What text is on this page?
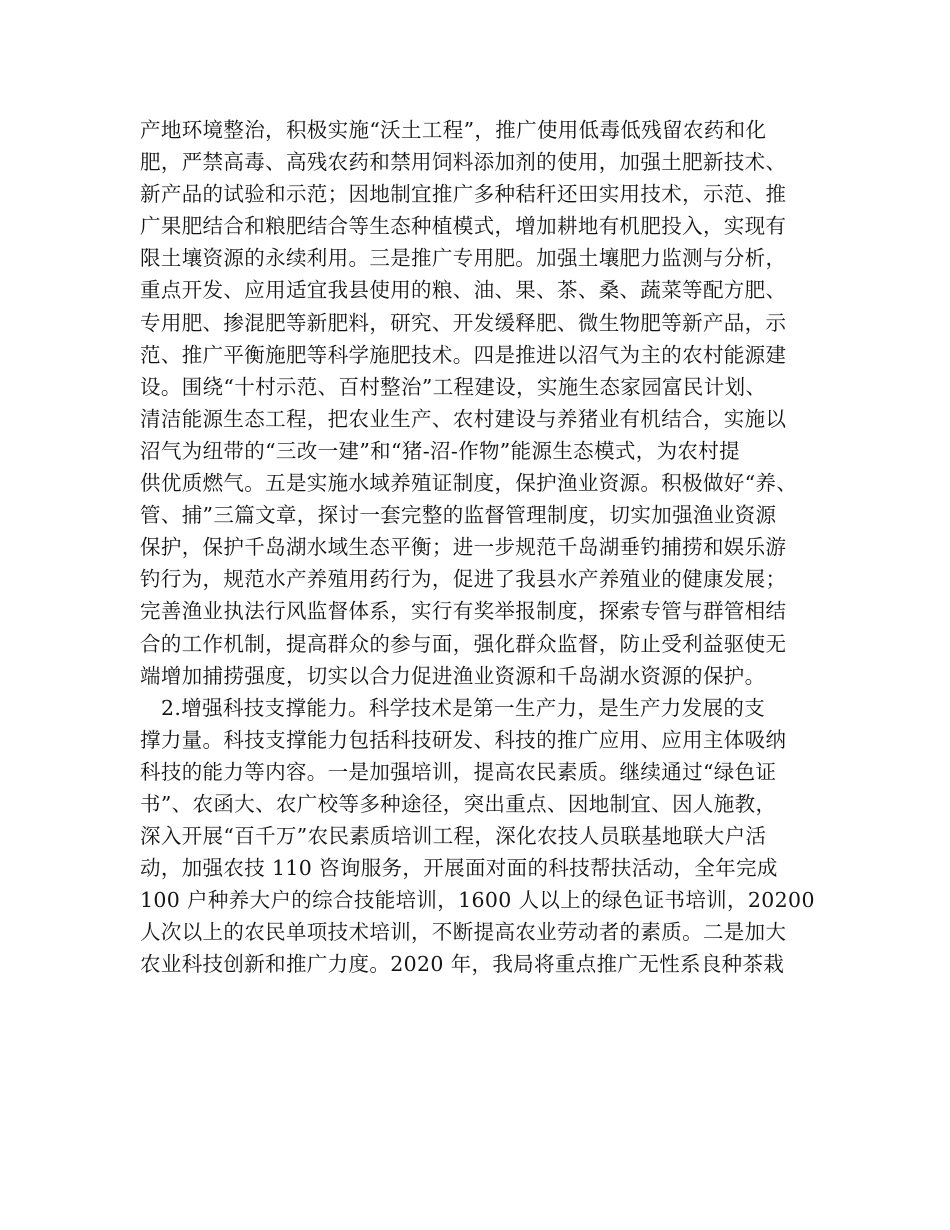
产地环境整治，积极实施“沃土工程”，推广使用低毒低残留农药和化
肥，严禁高毒、高残农药和禁用饲料添加剂的使用，加强土肥新技术、
新产品的试验和示范；因地制宜推广多种秸秆还田实用技术，示范、推
广果肥结合和粮肥结合等生态种植模式，增加耕地有机肥投入，实现有
限土壤资源的永续利用。三是推广专用肥。加强土壤肥力监测与分析，
重点开发、应用适宜我县使用的粮、油、果、茶、桑、蔬菜等配方肥、
专用肥、掺混肥等新肥料，研究、开发缓释肥、微生物肥等新产品，示
范、推广平衡施肥等科学施肥技术。四是推进以沼气为主的农村能源建
设。围绕“十村示范、百村整治”工程建设，实施生态家园富民计划、
清洁能源生态工程，把农业生产、农村建设与养猪业有机结合，实施以
沼气为纽带的“三改一建”和“猪-沼-作物”能源生态模式，为农村提
供优质燃气。五是实施水域养殖证制度，保护渔业资源。积极做好“养、
管、捕”三篇文章，探讨一套完整的监督管理制度，切实加强渔业资源
保护，保护千岛湖水域生态平衡；进一步规范千岛湖垂钓捕捞和娱乐游
钓行为，规范水产养殖用药行为，促进了我县水产养殖业的健康发展；
完善渔业执法行风监督体系，实行有奖举报制度，探索专管与群管相结
合的工作机制，提高群众的参与面，强化群众监督，防止受利益驱使无
端增加捕捞强度，切实以合力促进渔业资源和千岛湖水资源的保护。
2.增强科技支撑能力。科学技术是第一生产力，是生产力发展的支
撑力量。科技支撑能力包括科技研发、科技的推广应用、应用主体吸纳
科技的能力等内容。一是加强培训，提高农民素质。继续通过“绿色证
书”、农函大、农广校等多种途径，突出重点、因地制宜、因人施教，
深入开展“百千万”农民素质培训工程，深化农技人员联基地联大户活
动，加强农技 110 咨询服务，开展面对面的科技帮扶活动，全年完成
100 户种养大户的综合技能培训，1600 人以上的绿色证书培训，20200
人次以上的农民单项技术培训，不断提高农业劳动者的素质。二是加大
农业科技创新和推广力度。2020 年，我局将重点推广无性系良种茶栽
